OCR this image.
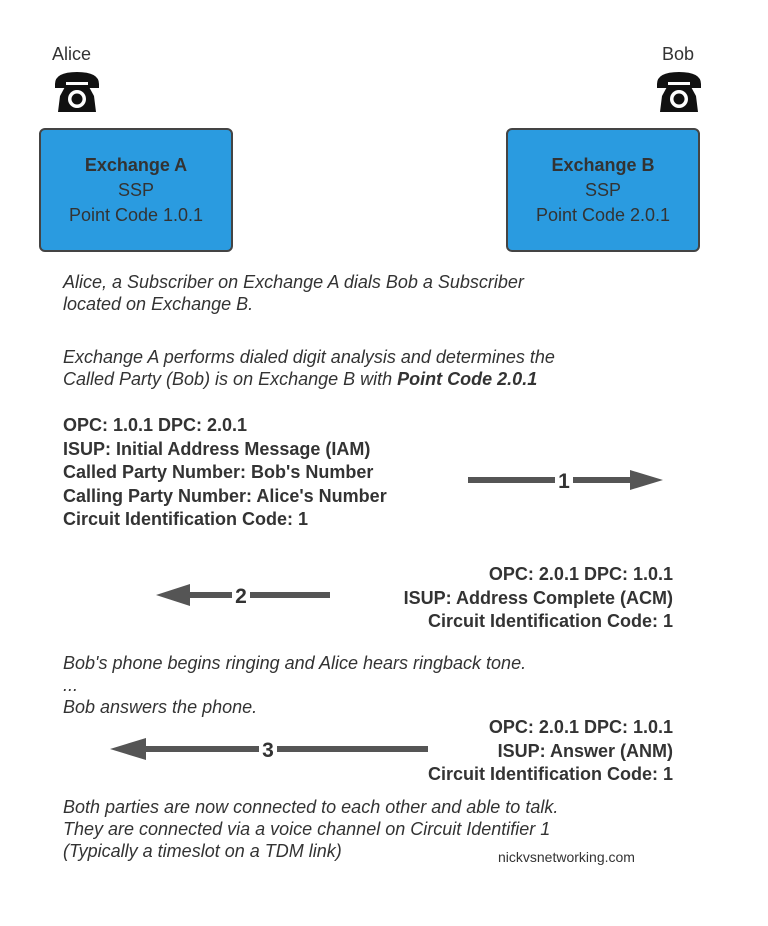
Alice	Bob
Exchange A
SSP
Point Code 1.0.1
Exchange B
SSP
Point Code 2.0.1
Alice, a Subscriber on Exchange A dials Bob a Subscriber
located on Exchange B.
Exchange A performs dialed digit analysis and determines the
Called Party (Bob) is on Exchange B with Point Code 2.0.1
OPC: 1.0.1 DPC: 2.0.1
ISUP: Initial Address Message (IAM)
Called Party Number: Bob's Number
Calling Party Number: Alice's Number
Circuit Identification Code: 1
1
OPC: 2.0.1 DPC: 1.0.1
ISUP: Address Complete (ACM)
Circuit Identification Code: 1
2
Bob's phone begins ringing and Alice hears ringback tone.
...
Bob answers the phone.
OPC: 2.0.1 DPC: 1.0.1
ISUP: Answer (ANM)
Circuit Identification Code: 1
3
Both parties are now connected to each other and able to talk.
They are connected via a voice channel on Circuit Identifier 1
(Typically a timeslot on a TDM link)	nickvsnetworking.com
